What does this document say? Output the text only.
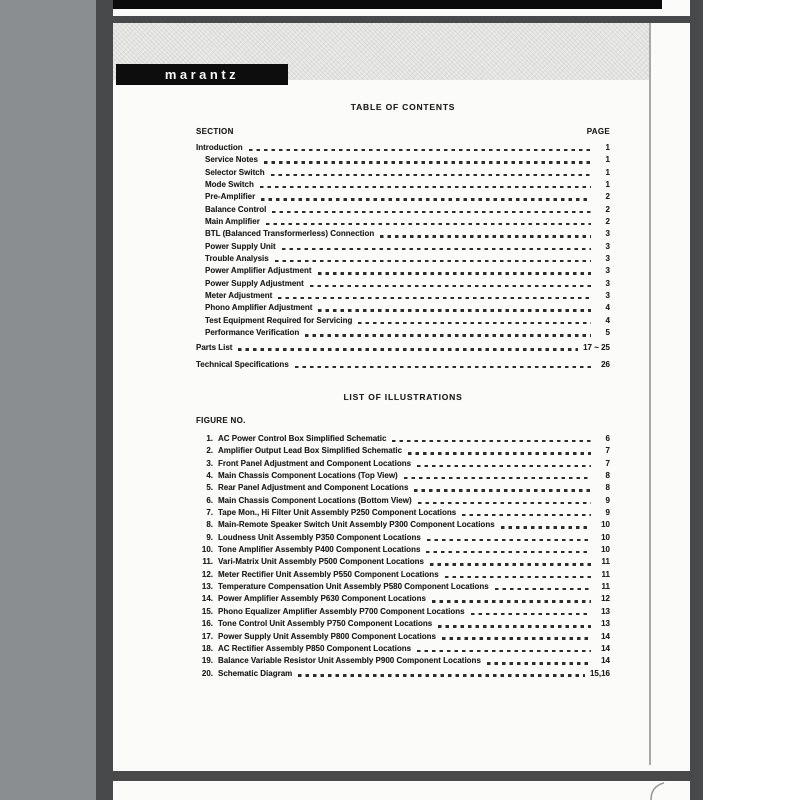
marantz
TABLE OF CONTENTS
SECTION	PAGE
Introduction	1
Service Notes	1
Selector Switch	1
Mode Switch	1
Pre-Amplifier	2
Balance Control	2
Main Amplifier	2
BTL (Balanced Transformerless) Connection	3
Power Supply Unit	3
Trouble Analysis	3
Power Amplifier Adjustment	3
Power Supply Adjustment	3
Meter Adjustment	3
Phono Amplifier Adjustment	4
Test Equipment Required for Servicing	4
Performance Verification	5
Parts List	17 ~ 25
Technical Specifications	26
LIST OF ILLUSTRATIONS
FIGURE NO.
1. AC Power Control Box Simplified Schematic	6
2. Amplifier Output Lead Box Simplified Schematic	7
3. Front Panel Adjustment and Component Locations	7
4. Main Chassis Component Locations (Top View)	8
5. Rear Panel Adjustment and Component Locations	8
6. Main Chassis Component Locations (Bottom View)	9
7. Tape Mon., Hi Filter Unit Assembly P250 Component Locations	9
8. Main-Remote Speaker Switch Unit Assembly P300 Component Locations	10
9. Loudness Unit Assembly P350 Component Locations	10
10. Tone Amplifier Assembly P400 Component Locations	10
11. Vari-Matrix Unit Assembly P500 Component Locations	11
12. Meter Rectifier Unit Assembly P550 Component Locations	11
13. Temperature Compensation Unit Assembly P580 Component Locations	11
14. Power Amplifier Assembly P630 Component Locations	12
15. Phono Equalizer Amplifier Assembly P700 Component Locations	13
16. Tone Control Unit Assembly P750 Component Locations	13
17. Power Supply Unit Assembly P800 Component Locations	14
18. AC Rectifier Assembly P850 Component Locations	14
19. Balance Variable Resistor Unit Assembly P900 Component Locations	14
20. Schematic Diagram	15,16
